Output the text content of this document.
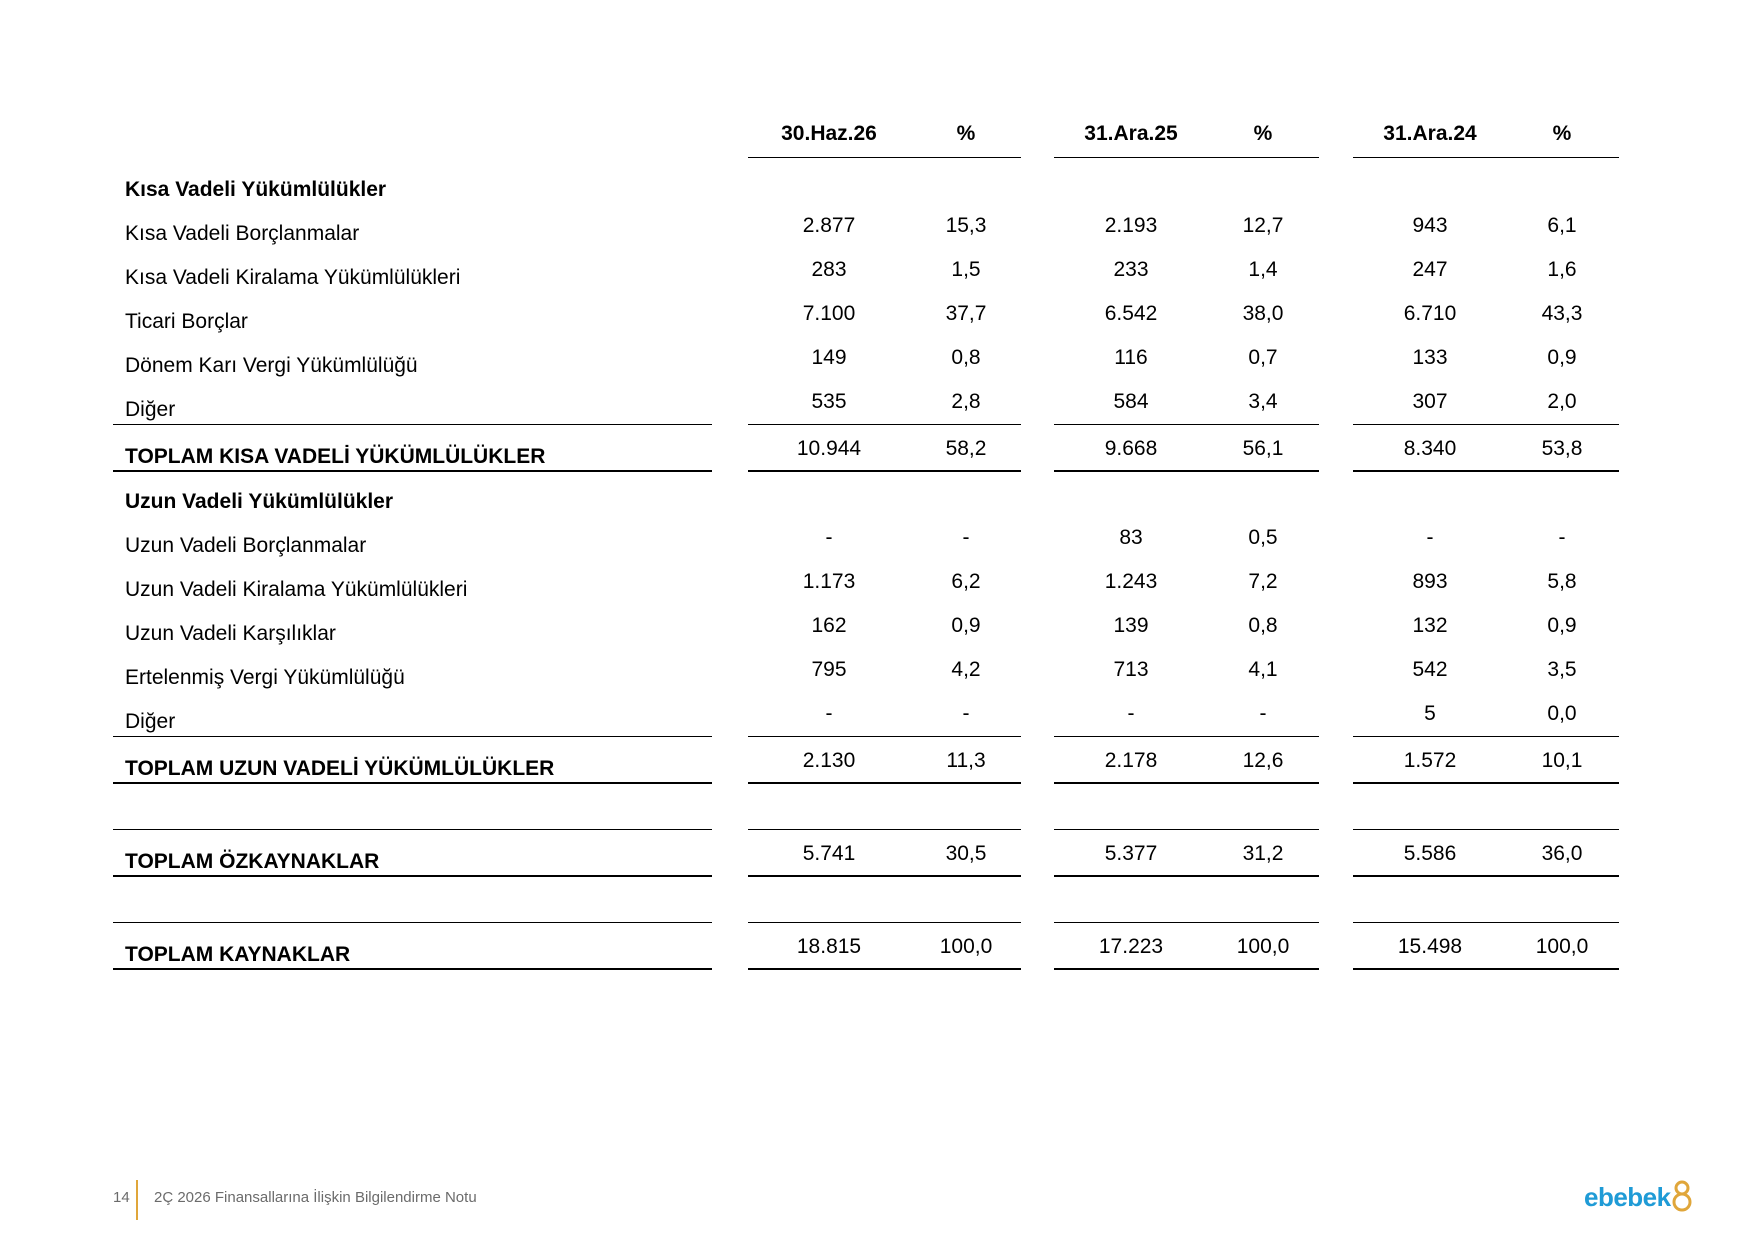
30.Haz.26	%	31.Ara.25	%	31.Ara.24	%
Kısa Vadeli Yükümlülükler
Kısa Vadeli Borçlanmalar	2.877	15,3	2.193	12,7	943	6,1
Kısa Vadeli Kiralama Yükümlülükleri	283	1,5	233	1,4	247	1,6
Ticari Borçlar	7.100	37,7	6.542	38,0	6.710	43,3
Dönem Karı Vergi Yükümlülüğü	149	0,8	116	0,7	133	0,9
Diğer	535	2,8	584	3,4	307	2,0
TOPLAM KISA VADELİ YÜKÜMLÜLÜKLER	10.944	58,2	9.668	56,1	8.340	53,8
Uzun Vadeli Yükümlülükler
Uzun Vadeli Borçlanmalar	-	-	83	0,5	-	-
Uzun Vadeli Kiralama Yükümlülükleri	1.173	6,2	1.243	7,2	893	5,8
Uzun Vadeli Karşılıklar	162	0,9	139	0,8	132	0,9
Ertelenmiş Vergi Yükümlülüğü	795	4,2	713	4,1	542	3,5
Diğer	-	-	-	-	5	0,0
TOPLAM UZUN VADELİ YÜKÜMLÜLÜKLER	2.130	11,3	2.178	12,6	1.572	10,1
TOPLAM ÖZKAYNAKLAR	5.741	30,5	5.377	31,2	5.586	36,0
TOPLAM KAYNAKLAR	18.815	100,0	17.223	100,0	15.498	100,0
14 2Ç 2026 Finansallarına İlişkin Bilgilendirme Notu	ebebek
